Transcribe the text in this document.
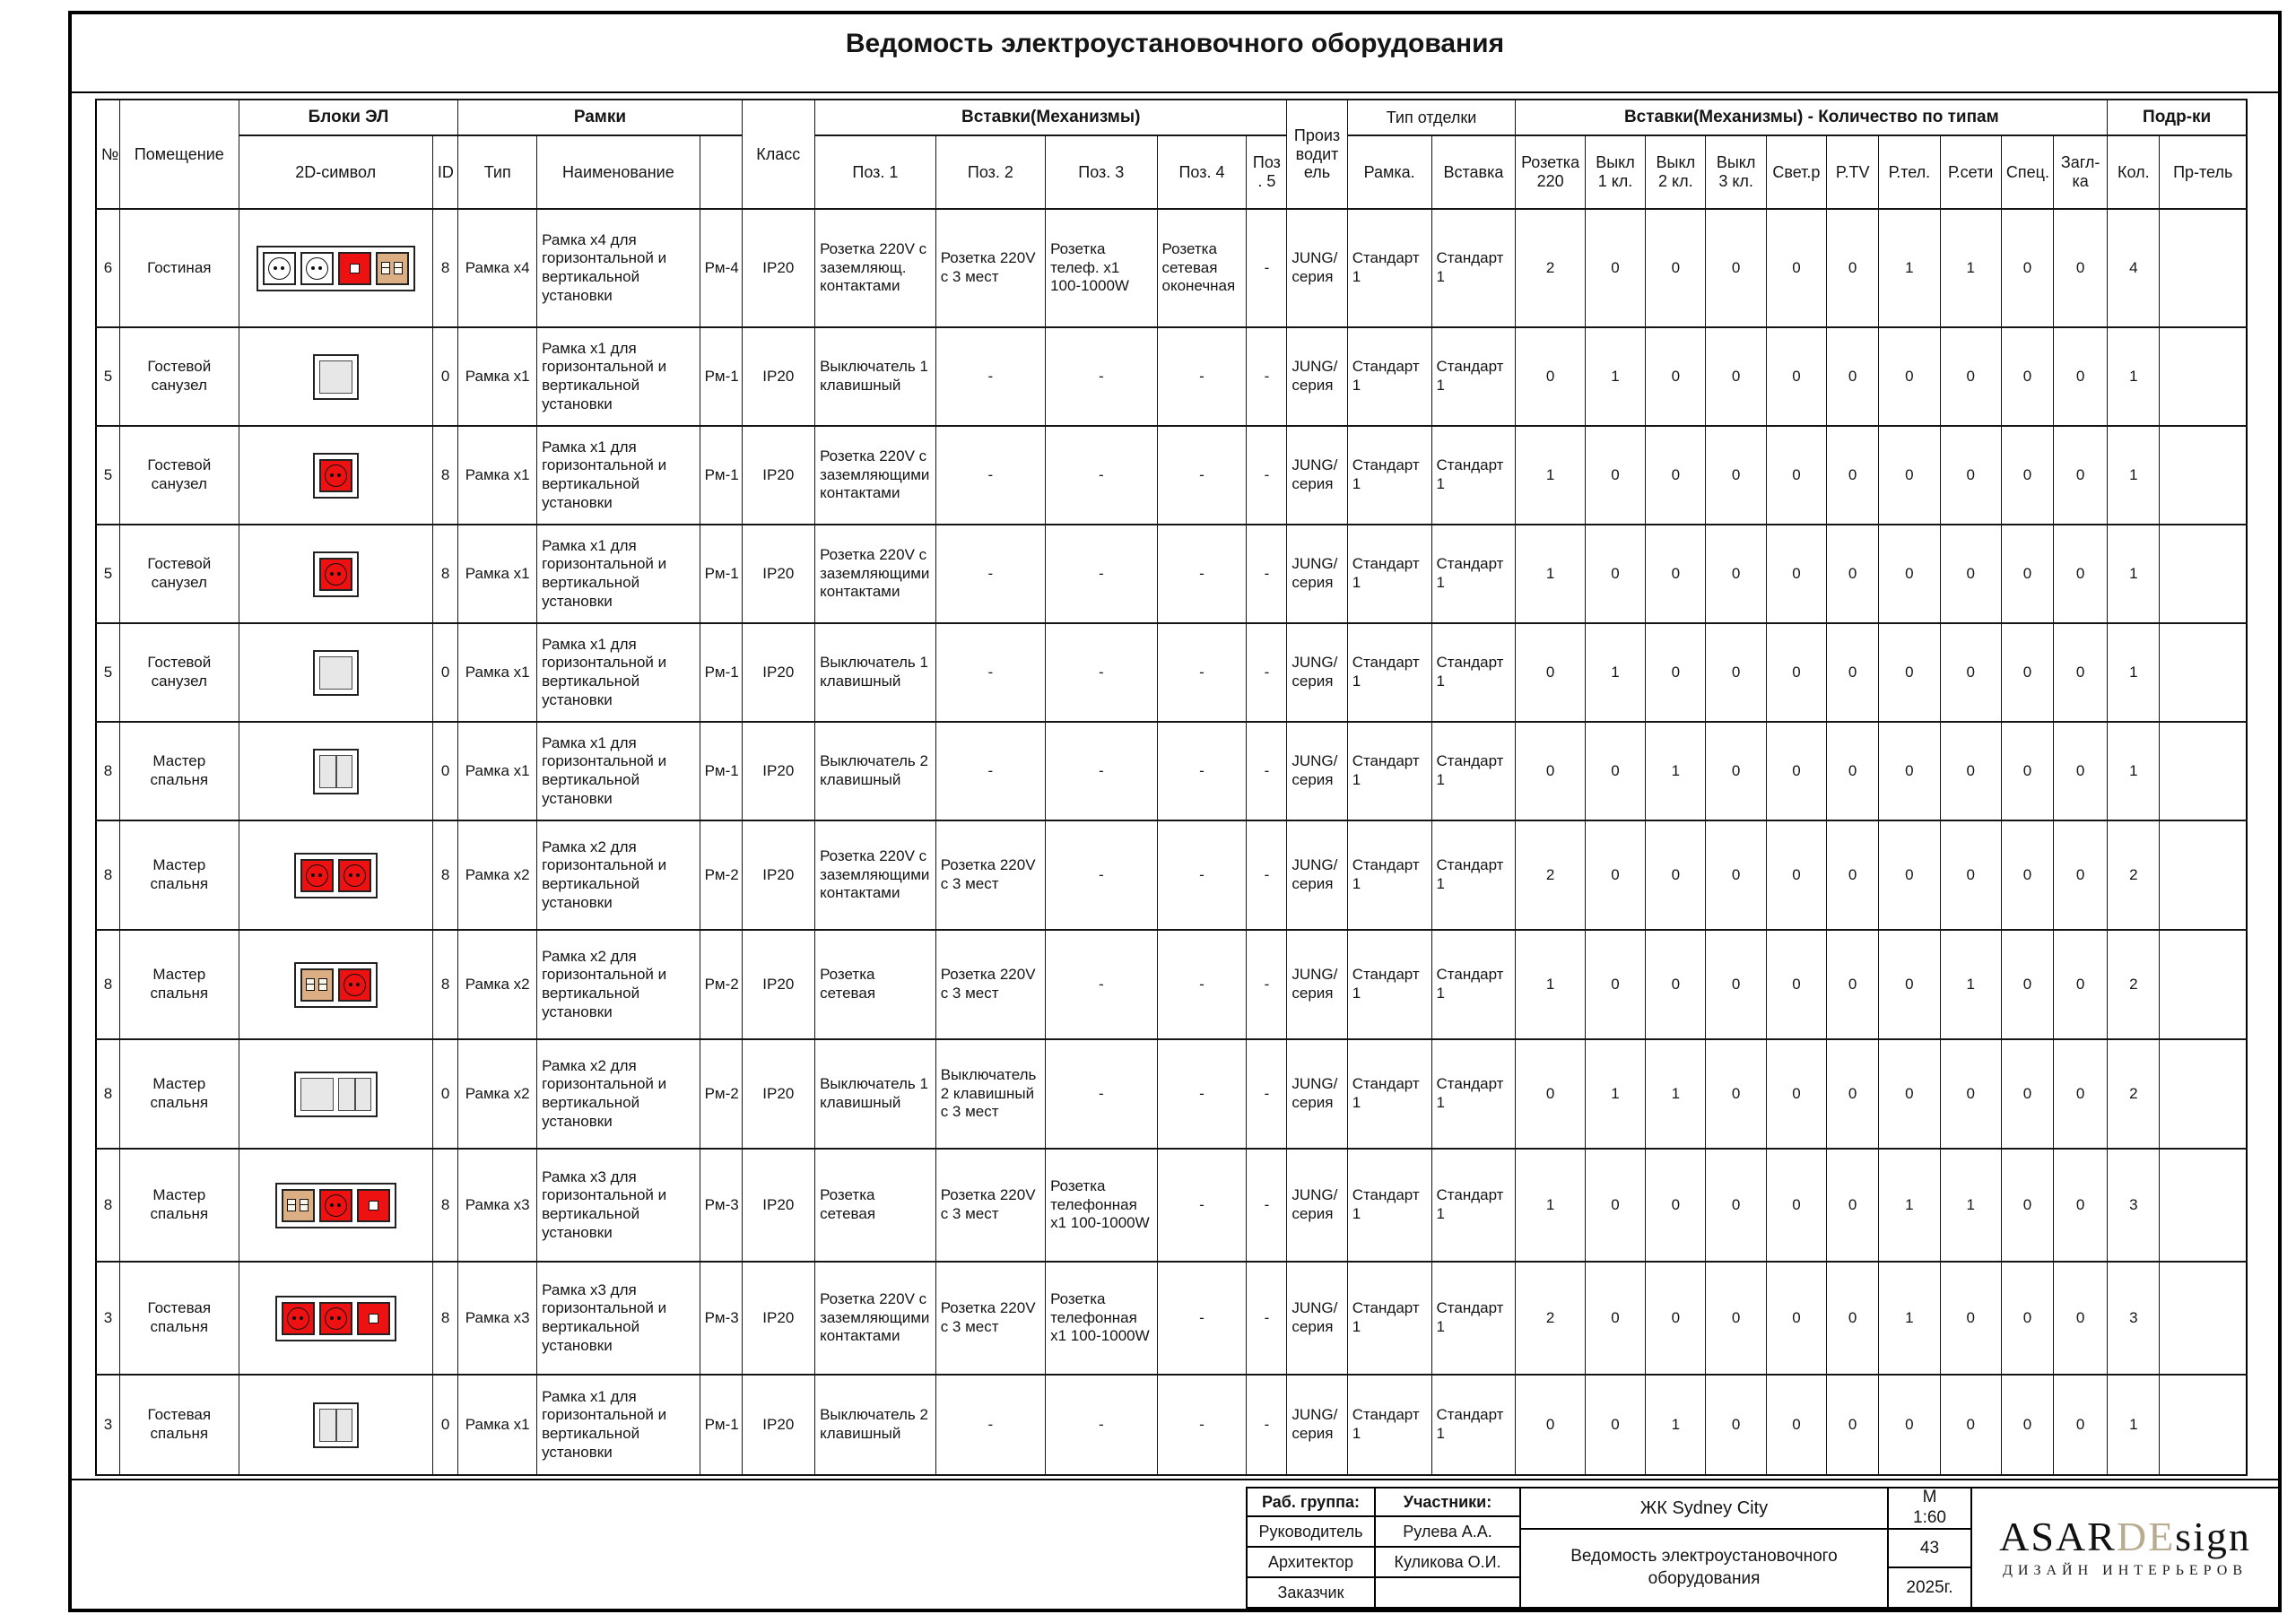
Ведомость электроустановочного оборудования
№	Помещение	Блоки ЭЛ		Рамки			Класс	Вставки(Механизмы)					Производитель	Тип отделки		Вставки(Механизмы) - Количество по типам										Подр-ки	
		2D-символ	ID	Тип	Наименование			Поз. 1	Поз. 2	Поз. 3	Поз. 4	Поз. 5		Рамка.	Вставка	Розетка 220	Выкл 1 кл.	Выкл 2 кл.	Выкл 3 кл.	Свет.р	P.TV	Р.тел.	Р.сети	Спец.	Загл-ка	Кол.	Пр-тель
6	Гостиная		8	Рамка х4	Рамка х4 для горизонтальной и вертикальной установки	Рм-4	IP20	Розетка 220V с заземляющ. контактами	Розетка 220V с 3 мест	Розетка телеф. х1 100-1000W	Розетка сетевая оконечная	-	JUNG/серия	Стандарт 1	Стандарт 1	2	0	0	0	0	0	1	1	0	0	4	
5	Гостевой санузел		0	Рамка х1	Рамка х1 для горизонтальной и вертикальной установки	Рм-1	IP20	Выключатель 1 клавишный	-	-	-	-	JUNG/серия	Стандарт 1	Стандарт 1	0	1	0	0	0	0	0	0	0	0	1	
5	Гостевой санузел		8	Рамка х1	Рамка х1 для горизонтальной и вертикальной установки	Рм-1	IP20	Розетка 220V с заземляющими контактами	-	-	-	-	JUNG/серия	Стандарт 1	Стандарт 1	1	0	0	0	0	0	0	0	0	0	1	
5	Гостевой санузел		8	Рамка х1	Рамка х1 для горизонтальной и вертикальной установки	Рм-1	IP20	Розетка 220V с заземляющими контактами	-	-	-	-	JUNG/серия	Стандарт 1	Стандарт 1	1	0	0	0	0	0	0	0	0	0	1	
5	Гостевой санузел		0	Рамка х1	Рамка х1 для горизонтальной и вертикальной установки	Рм-1	IP20	Выключатель 1 клавишный	-	-	-	-	JUNG/серия	Стандарт 1	Стандарт 1	0	1	0	0	0	0	0	0	0	0	1	
8	Мастер спальня		0	Рамка х1	Рамка х1 для горизонтальной и вертикальной установки	Рм-1	IP20	Выключатель 2 клавишный	-	-	-	-	JUNG/серия	Стандарт 1	Стандарт 1	0	0	1	0	0	0	0	0	0	0	1	
8	Мастер спальня		8	Рамка х2	Рамка х2 для горизонтальной и вертикальной установки	Рм-2	IP20	Розетка 220V с заземляющими контактами	Розетка 220V с 3 мест	-	-	-	JUNG/серия	Стандарт 1	Стандарт 1	2	0	0	0	0	0	0	0	0	0	2	
8	Мастер спальня		8	Рамка х2	Рамка х2 для горизонтальной и вертикальной установки	Рм-2	IP20	Розетка сетевая	Розетка 220V с 3 мест	-	-	-	JUNG/серия	Стандарт 1	Стандарт 1	1	0	0	0	0	0	0	1	0	0	2	
8	Мастер спальня		0	Рамка х2	Рамка х2 для горизонтальной и вертикальной установки	Рм-2	IP20	Выключатель 1 клавишный	Выключатель 2 клавишный с 3 мест	-	-	-	JUNG/серия	Стандарт 1	Стандарт 1	0	1	1	0	0	0	0	0	0	0	2	
8	Мастер спальня		8	Рамка х3	Рамка х3 для горизонтальной и вертикальной установки	Рм-3	IP20	Розетка сетевая	Розетка 220V с 3 мест	Розетка телефонная х1 100-1000W	-	-	JUNG/серия	Стандарт 1	Стандарт 1	1	0	0	0	0	0	1	1	0	0	3	
3	Гостевая спальня		8	Рамка х3	Рамка х3 для горизонтальной и вертикальной установки	Рм-3	IP20	Розетка 220V с заземляющими контактами	Розетка 220V с 3 мест	Розетка телефонная х1 100-1000W	-	-	JUNG/серия	Стандарт 1	Стандарт 1	2	0	0	0	0	0	1	0	0	0	3	
3	Гостевая спальня		0	Рамка х1	Рамка х1 для горизонтальной и вертикальной установки	Рм-1	IP20	Выключатель 2 клавишный	-	-	-	-	JUNG/серия	Стандарт 1	Стандарт 1	0	0	1	0	0	0	0	0	0	0	1	
Раб. группа:
Руководитель
Архитектор
Заказчик
Участники:
Рулева А.А.
Куликова О.И.
ЖК Sydney City
Ведомость электроустановочного оборудования
М
1:60
43
2025г.
ASARDEsign
ДИЗАЙН ИНТЕРЬЕРОВ
